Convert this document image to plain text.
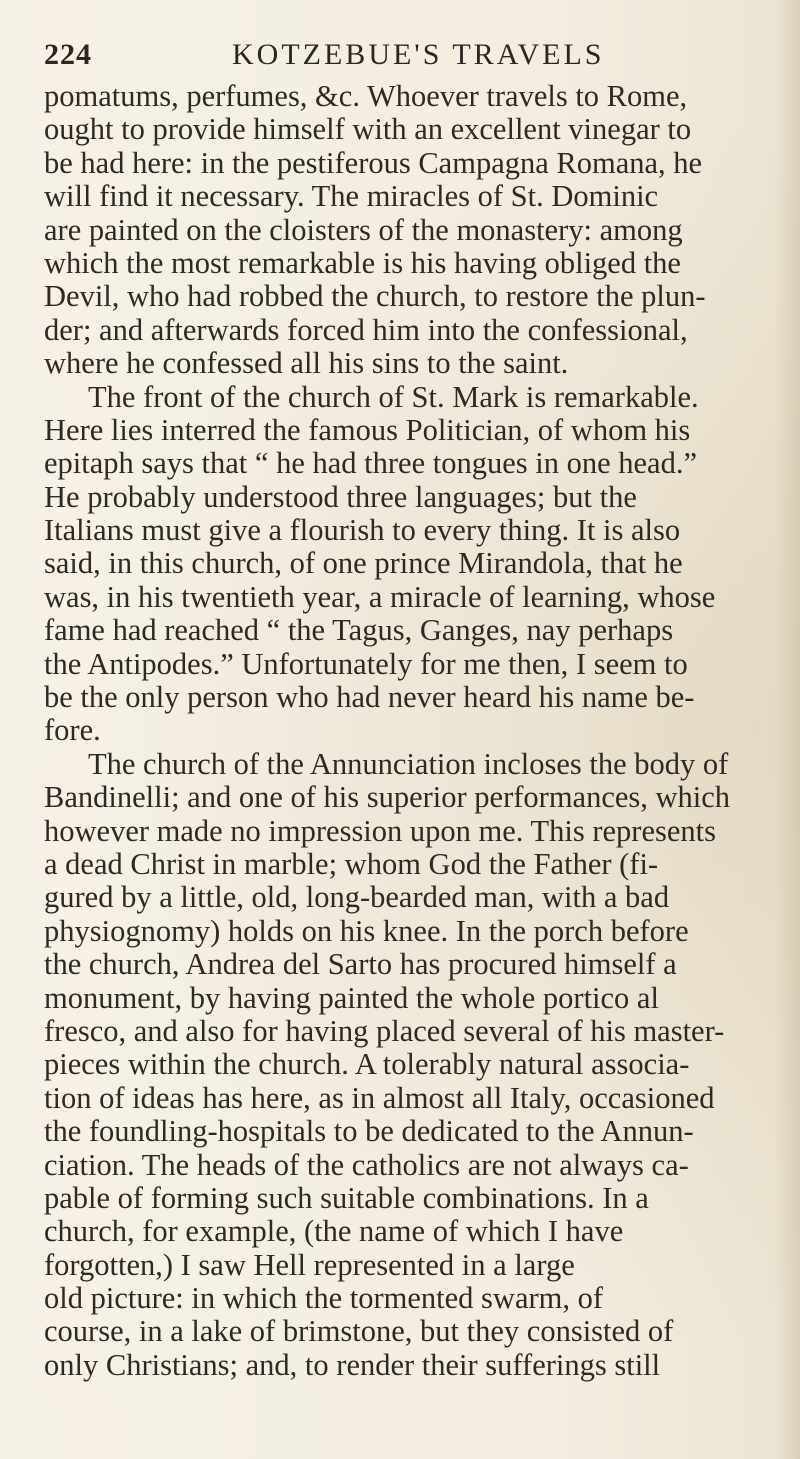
224	KOTZEBUE'S TRAVELS
pomatums, perfumes, &c. Whoever travels to Rome,
ought to provide himself with an excellent vinegar to
be had here: in the pestiferous Campagna Romana, he
will find it necessary. The miracles of St. Dominic
are painted on the cloisters of the monastery: among
which the most remarkable is his having obliged the
Devil, who had robbed the church, to restore the plun-
der; and afterwards forced him into the confessional,
where he confessed all his sins to the saint.
The front of the church of St. Mark is remarkable.
Here lies interred the famous Politician, of whom his
epitaph says that “ he had three tongues in one head.”
He probably understood three languages; but the
Italians must give a flourish to every thing. It is also
said, in this church, of one prince Mirandola, that he
was, in his twentieth year, a miracle of learning, whose
fame had reached “ the Tagus, Ganges, nay perhaps
the Antipodes.” Unfortunately for me then, I seem to
be the only person who had never heard his name be-
fore.
The church of the Annunciation incloses the body of
Bandinelli; and one of his superior performances, which
however made no impression upon me. This represents
a dead Christ in marble; whom God the Father (fi-
gured by a little, old, long-bearded man, with a bad
physiognomy) holds on his knee. In the porch before
the church, Andrea del Sarto has procured himself a
monument, by having painted the whole portico al
fresco, and also for having placed several of his master-
pieces within the church. A tolerably natural associa-
tion of ideas has here, as in almost all Italy, occasioned
the foundling-hospitals to be dedicated to the Annun-
ciation. The heads of the catholics are not always ca-
pable of forming such suitable combinations. In a
church, for example, (the name of which I have
forgotten,) I saw Hell represented in a large
old picture: in which the tormented swarm, of
course, in a lake of brimstone, but they consisted of
only Christians; and, to render their sufferings still
